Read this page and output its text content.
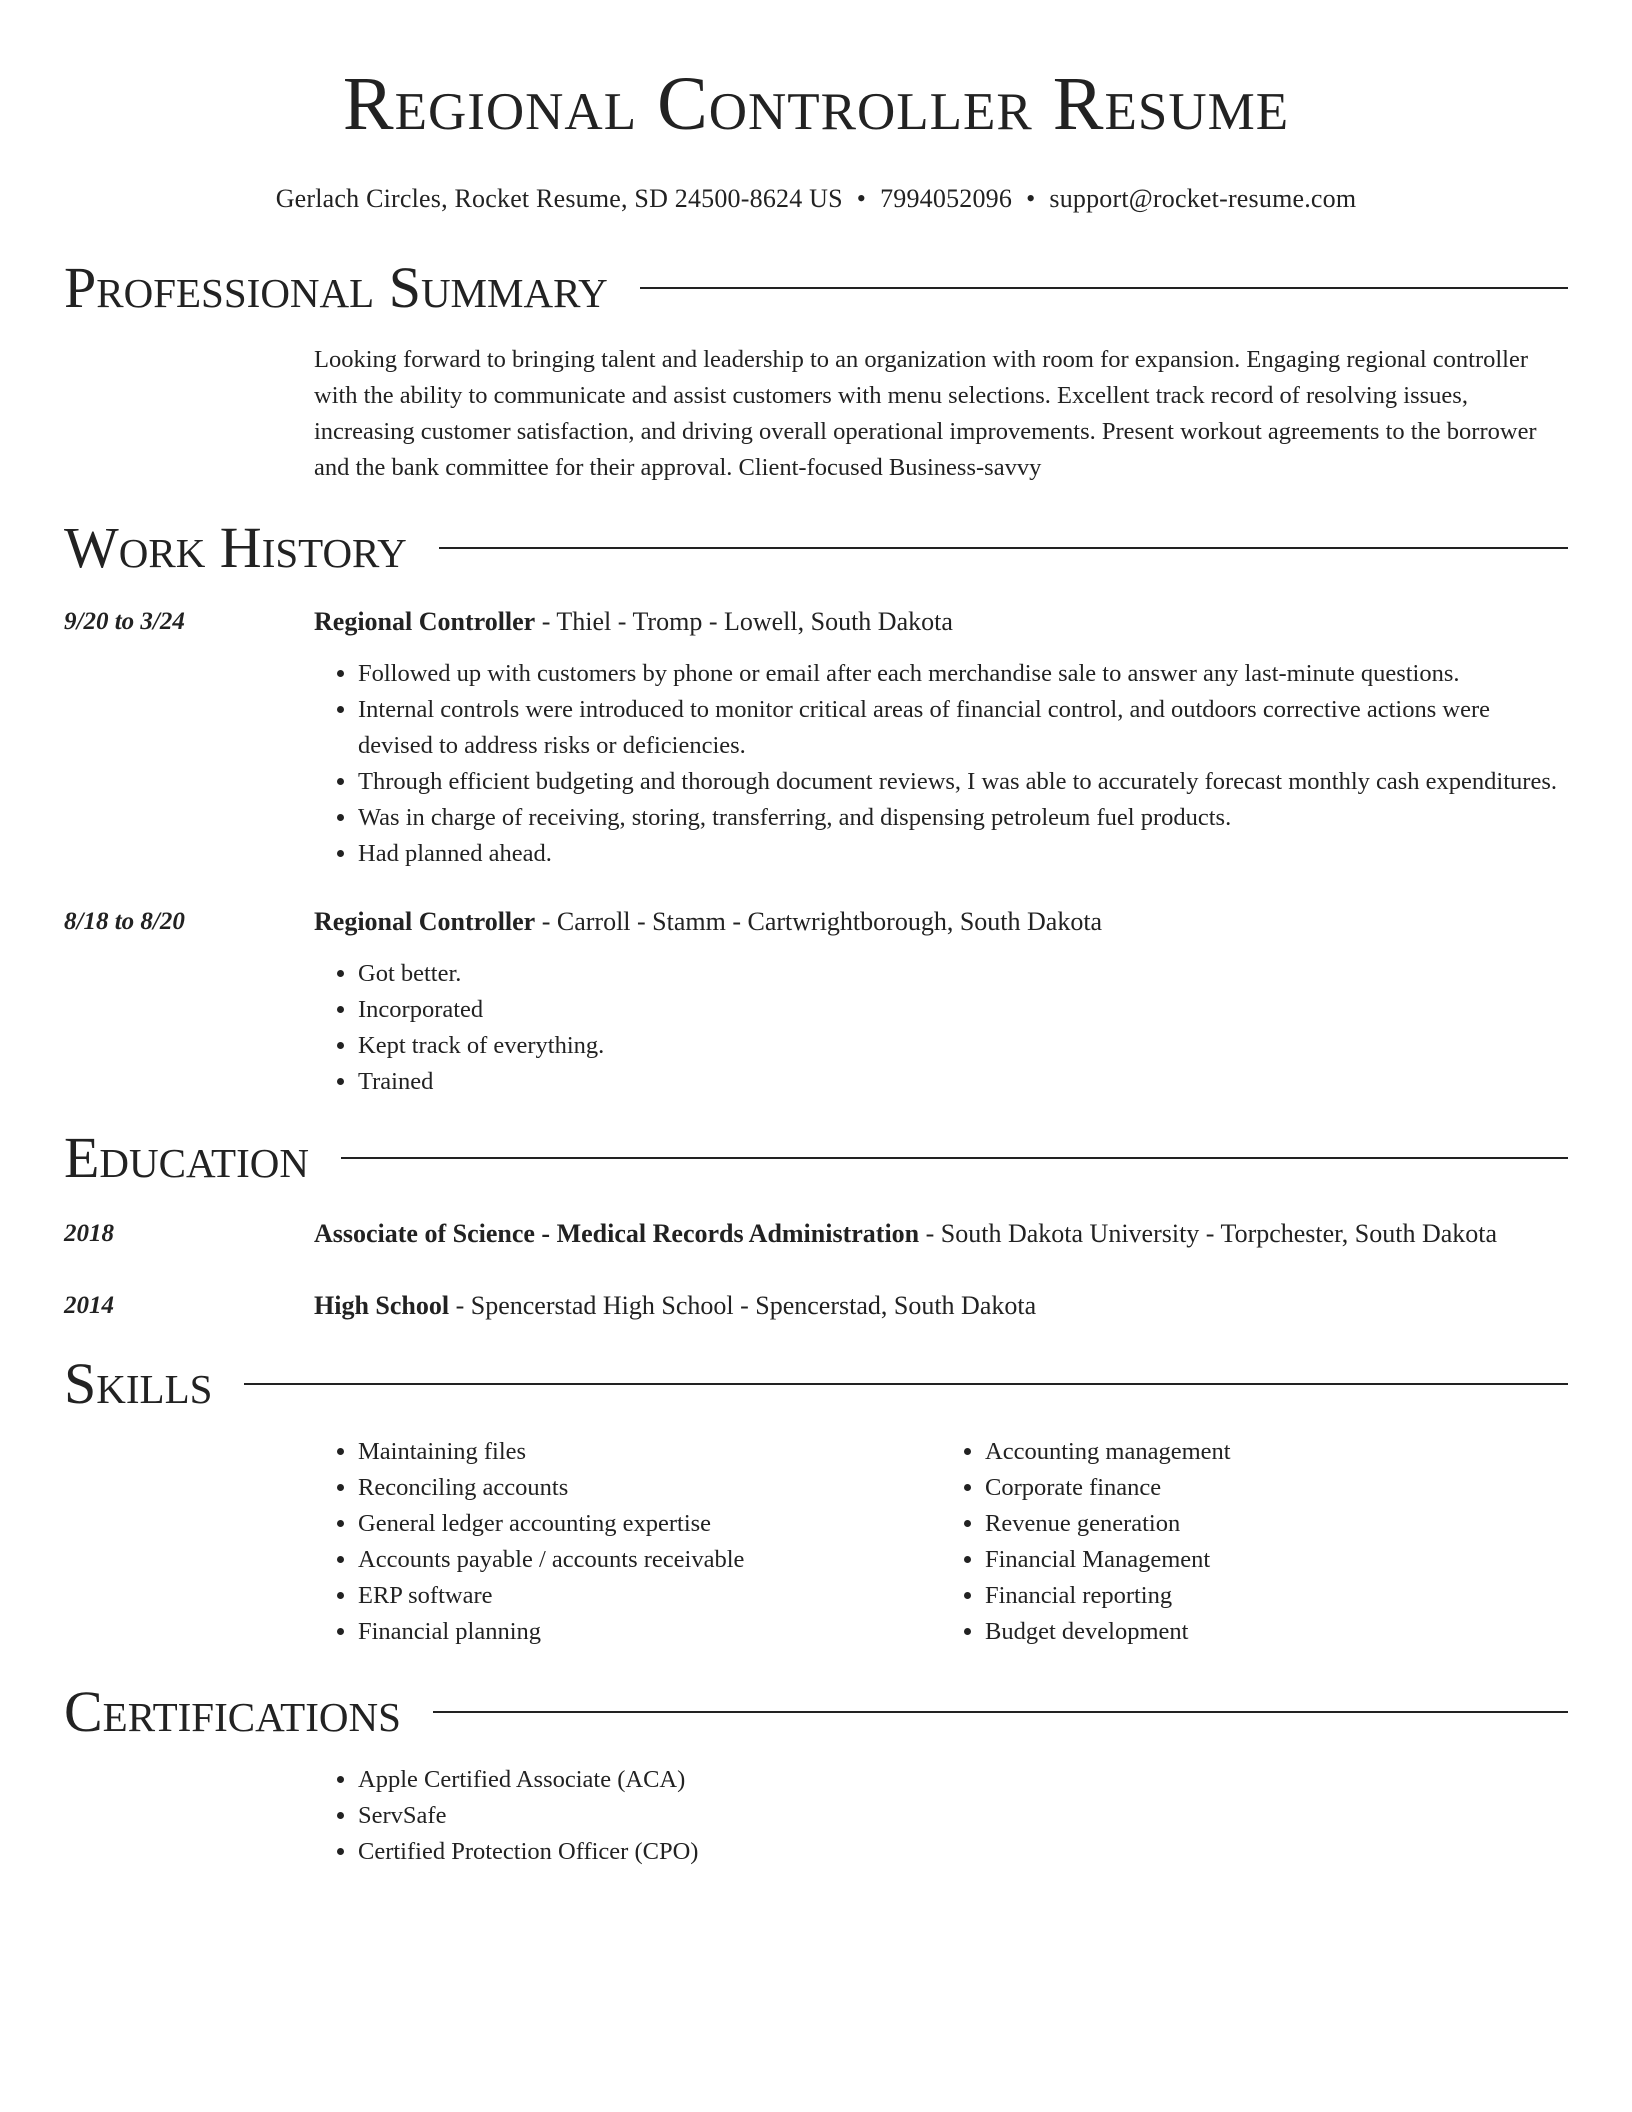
Regional Controller Resume
Gerlach Circles, Rocket Resume, SD 24500-8624 US • 7994052096 • support@rocket-resume.com
Professional Summary
Looking forward to bringing talent and leadership to an organization with room for expansion. Engaging regional controller with the ability to communicate and assist customers with menu selections. Excellent track record of resolving issues, increasing customer satisfaction, and driving overall operational improvements. Present workout agreements to the borrower and the bank committee for their approval. Client-focused Business-savvy
Work History
9/20 to 3/24	Regional Controller - Thiel - Tromp - Lowell, South Dakota
• Followed up with customers by phone or email after each merchandise sale to answer any last-minute questions.
• Internal controls were introduced to monitor critical areas of financial control, and outdoors corrective actions were devised to address risks or deficiencies.
• Through efficient budgeting and thorough document reviews, I was able to accurately forecast monthly cash expenditures.
• Was in charge of receiving, storing, transferring, and dispensing petroleum fuel products.
• Had planned ahead.
8/18 to 8/20	Regional Controller - Carroll - Stamm - Cartwrightborough, South Dakota
• Got better.
• Incorporated
• Kept track of everything.
• Trained
Education
2018	Associate of Science - Medical Records Administration - South Dakota University - Torpchester, South Dakota
2014	High School - Spencerstad High School - Spencerstad, South Dakota
Skills
• Maintaining files
• Reconciling accounts
• General ledger accounting expertise
• Accounts payable / accounts receivable
• ERP software
• Financial planning
• Accounting management
• Corporate finance
• Revenue generation
• Financial Management
• Financial reporting
• Budget development
Certifications
• Apple Certified Associate (ACA)
• ServSafe
• Certified Protection Officer (CPO)
